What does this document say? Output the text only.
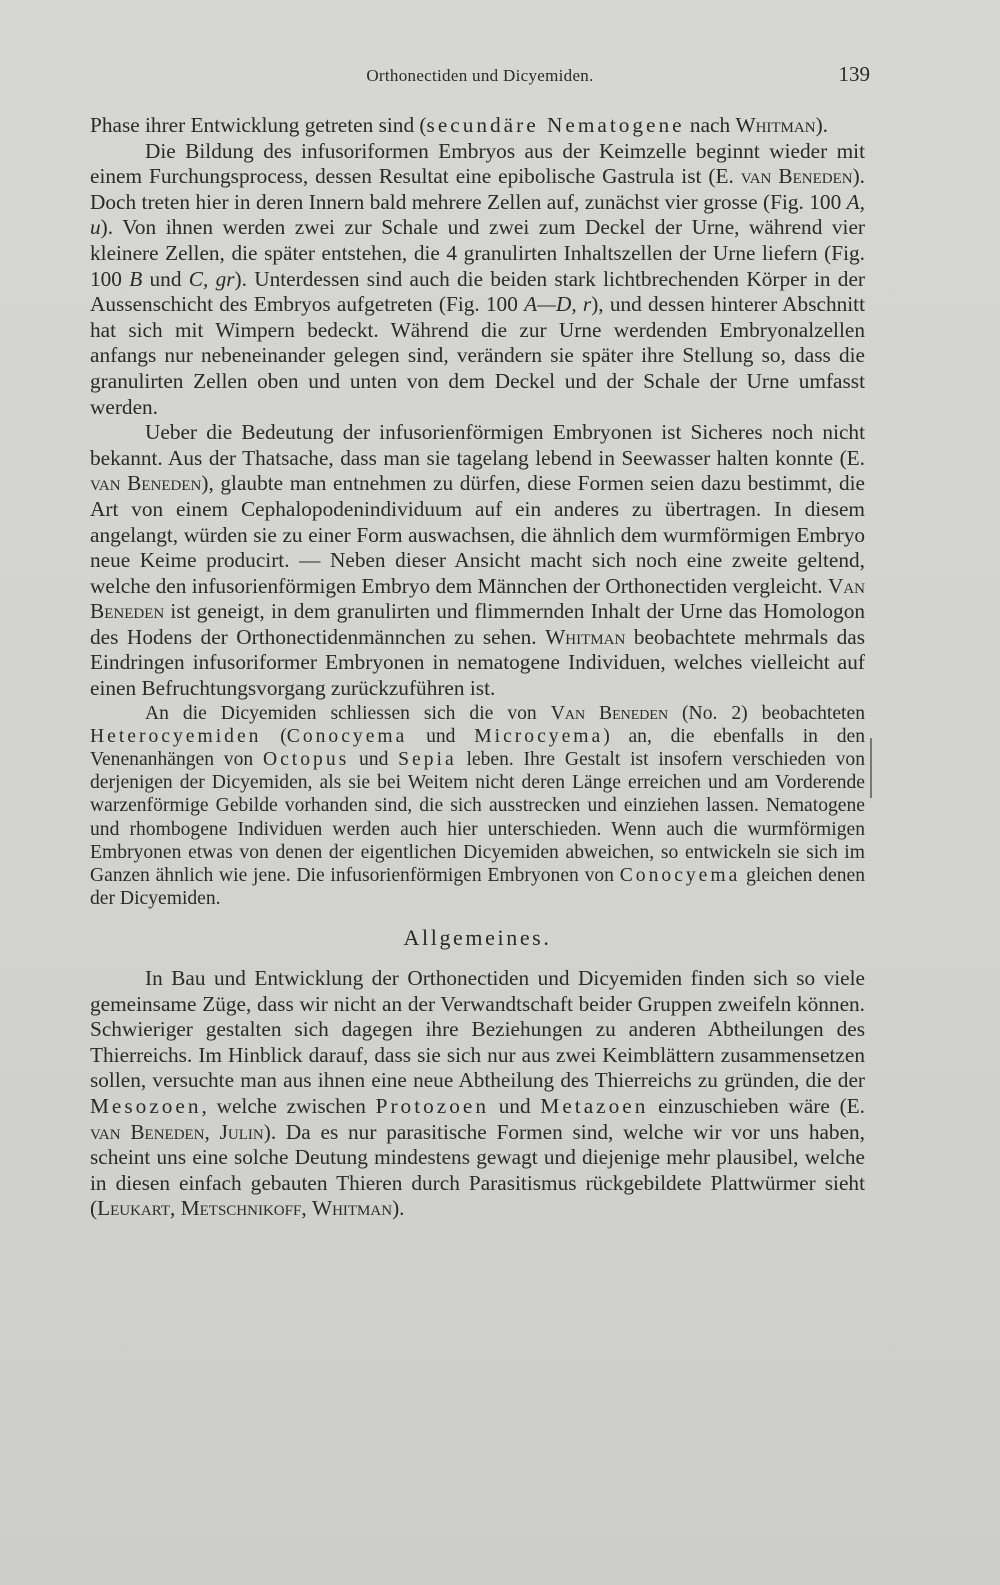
Orthonectiden und Dicyemiden.	139

Phase ihrer Entwicklung getreten sind (secundäre Nematogene nach Whitman).

Die Bildung des infusoriformen Embryos aus der Keimzelle beginnt wieder mit einem Furchungsprocess, dessen Resultat eine epibolische Gastrula ist (E. van Beneden). Doch treten hier in deren Innern bald mehrere Zellen auf, zunächst vier grosse (Fig. 100 A, u). Von ihnen werden zwei zur Schale und zwei zum Deckel der Urne, während vier kleinere Zellen, die später entstehen, die 4 granulirten Inhaltszellen der Urne liefern (Fig. 100 B und C, gr). Unterdessen sind auch die beiden stark lichtbrechenden Körper in der Aussenschicht des Embryos aufgetreten (Fig. 100 A—D, r), und dessen hinterer Abschnitt hat sich mit Wimpern bedeckt. Während die zur Urne werdenden Embryonalzellen anfangs nur nebeneinander gelegen sind, verändern sie später ihre Stellung so, dass die granulirten Zellen oben und unten von dem Deckel und der Schale der Urne umfasst werden.

Ueber die Bedeutung der infusorienförmigen Embryonen ist Sicheres noch nicht bekannt. Aus der Thatsache, dass man sie tagelang lebend in Seewasser halten konnte (E. van Beneden), glaubte man entnehmen zu dürfen, diese Formen seien dazu bestimmt, die Art von einem Cephalopodenindividuum auf ein anderes zu übertragen. In diesem angelangt, würden sie zu einer Form auswachsen, die ähnlich dem wurmförmigen Embryo neue Keime producirt. — Neben dieser Ansicht macht sich noch eine zweite geltend, welche den infusorienförmigen Embryo dem Männchen der Orthonectiden vergleicht. Van Beneden ist geneigt, in dem granulirten und flimmernden Inhalt der Urne das Homologon des Hodens der Orthonectidenmännchen zu sehen. Whitman beobachtete mehrmals das Eindringen infusoriformer Embryonen in nematogene Individuen, welches vielleicht auf einen Befruchtungsvorgang zurückzuführen ist.

An die Dicyemiden schliessen sich die von Van Beneden (No. 2) beobachteten Heterocyemiden (Conocyema und Microcyema) an, die ebenfalls in den Venenanhängen von Octopus und Sepia leben. Ihre Gestalt ist insofern verschieden von derjenigen der Dicyemiden, als sie bei Weitem nicht deren Länge erreichen und am Vorderende warzenförmige Gebilde vorhanden sind, die sich ausstrecken und einziehen lassen. Nematogene und rhombogene Individuen werden auch hier unterschieden. Wenn auch die wurmförmigen Embryonen etwas von denen der eigentlichen Dicyemiden abweichen, so entwickeln sie sich im Ganzen ähnlich wie jene. Die infusorienförmigen Embryonen von Conocyema gleichen denen der Dicyemiden.

Allgemeines.

In Bau und Entwicklung der Orthonectiden und Dicyemiden finden sich so viele gemeinsame Züge, dass wir nicht an der Verwandtschaft beider Gruppen zweifeln können. Schwieriger gestalten sich dagegen ihre Beziehungen zu anderen Abtheilungen des Thierreichs. Im Hinblick darauf, dass sie sich nur aus zwei Keimblättern zusammensetzen sollen, versuchte man aus ihnen eine neue Abtheilung des Thierreichs zu gründen, die der Mesozoen, welche zwischen Protozoen und Metazoen einzuschieben wäre (E. van Beneden, Julin). Da es nur parasitische Formen sind, welche wir vor uns haben, scheint uns eine solche Deutung mindestens gewagt und diejenige mehr plausibel, welche in diesen einfach gebauten Thieren durch Parasitismus rückgebildete Plattwürmer sieht (Leukart, Metschnikoff, Whitman).
